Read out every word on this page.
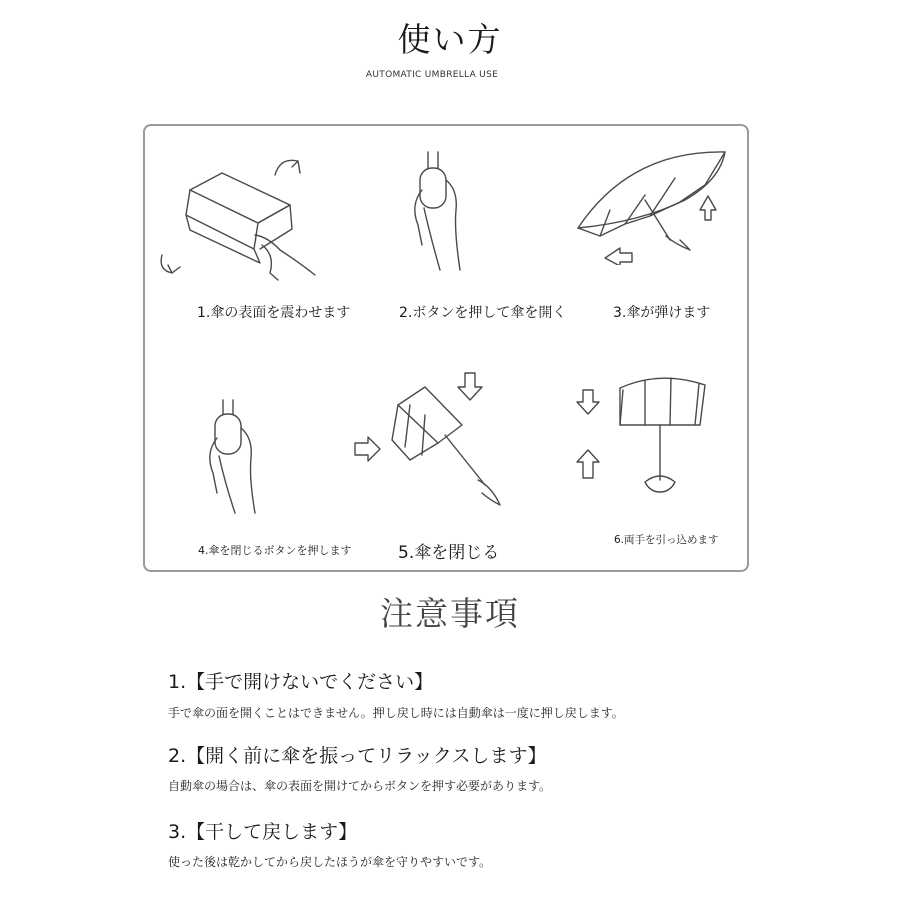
使い方
AUTOMATIC UMBRELLA USE
1.傘の表面を震わせます	2.ボタンを押して傘を開く	3.傘が弾けます
4.傘を閉じるボタンを押します	5.傘を閉じる
6.両手を引っ込めます
注意事項
1.【手で開けないでください】
手で傘の面を開くことはできません。押し戻し時には自動傘は一度に押し戻します。
2.【開く前に傘を振ってリラックスします】
自動傘の場合は、傘の表面を開けてからボタンを押す必要があります。
3.【干して戻します】
使った後は乾かしてから戻したほうが傘を守りやすいです。
